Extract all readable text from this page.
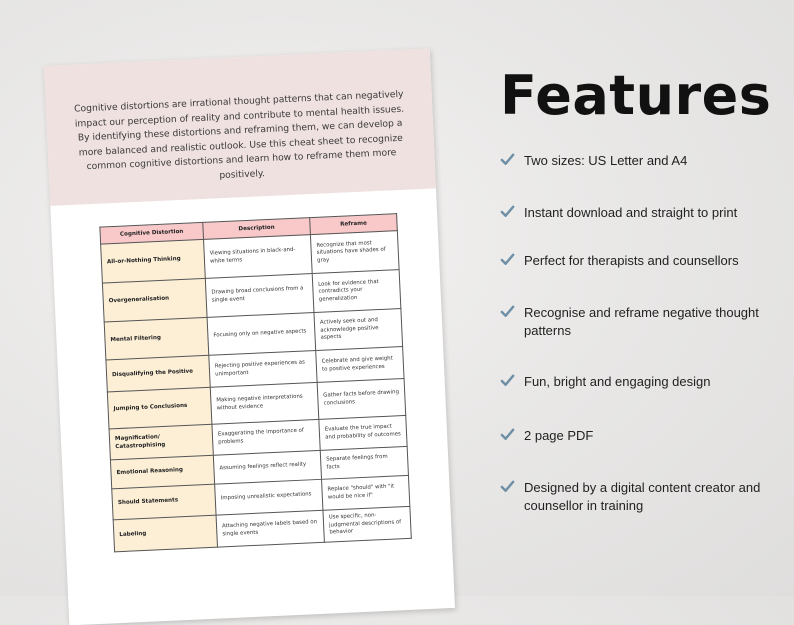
Cognitive distortions are irrational thought patterns that can negatively impact our perception of reality and contribute to mental health issues. By identifying these distortions and reframing them, we can develop a more balanced and realistic outlook. Use this cheat sheet to recognize common cognitive distortions and learn how to reframe them more positively.
Cognitive Distortion	Description	Reframe
All-or-Nothing Thinking	Viewing situations in black-and-white terms	Recognize that most situations have shades of gray
Overgeneralisation	Drawing broad conclusions from a single event	Look for evidence that contradicts your generalization
Mental Filtering	Focusing only on negative aspects	Actively seek out and acknowledge positive aspects
Disqualifying the Positive	Rejecting positive experiences as unimportant	Celebrate and give weight to positive experiences
Jumping to Conclusions	Making negative interpretations without evidence	Gather facts before drawing conclusions
Magnification/ Catastrophising	Exaggerating the importance of problems	Evaluate the true impact and probability of outcomes
Emotional Reasoning	Assuming feelings reflect reality	Separate feelings from facts
Should Statements	Imposing unrealistic expectations	Replace "should" with "it would be nice if"
Labeling	Attaching negative labels based on single events	Use specific, non-judgmental descriptions of behavior
Features
Two sizes: US Letter and A4
Instant download and straight to print
Perfect for therapists and counsellors
Recognise and reframe negative thought patterns
Fun, bright and engaging design
2 page PDF
Designed by a digital content creator and counsellor in training
